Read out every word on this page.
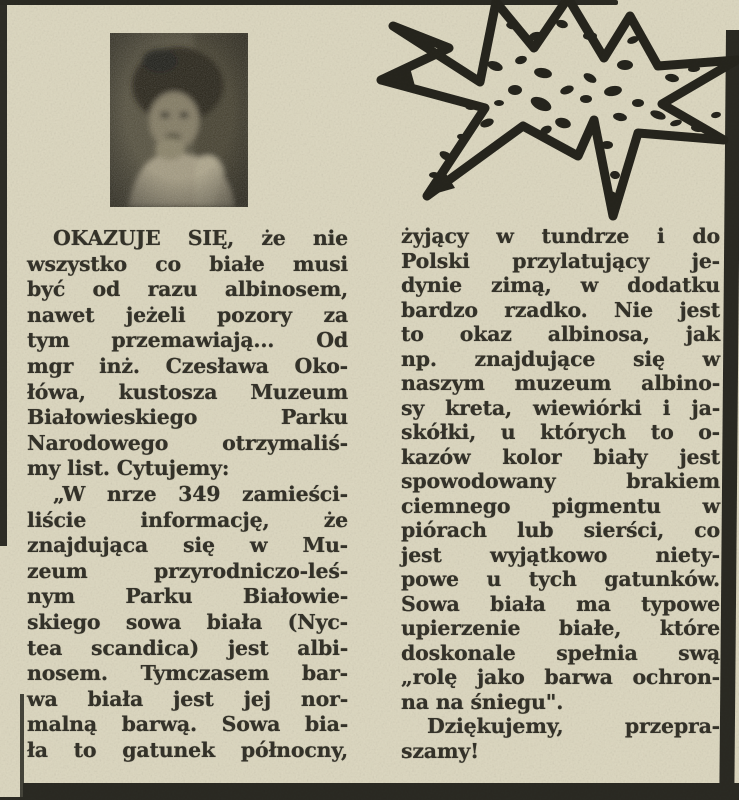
OKAZUJE SIĘ, że nie
wszystko co białe musi
być od razu albinosem,
nawet jeżeli pozory za
tym przemawiają... Od
mgr inż. Czesława Oko-
łówa, kustosza Muzeum
Białowieskiego Parku
Narodowego otrzymaliś-
my list. Cytujemy:
„W nrze 349 zamieści-
liście informację, że
znajdująca się w Mu-
zeum przyrodniczo-leś-
nym Parku Białowie-
skiego sowa biała (Nyc-
tea scandica) jest albi-
nosem. Tymczasem bar-
wa biała jest jej nor-
malną barwą. Sowa bia-
ła to gatunek północny,
żyjący w tundrze i do
Polski przylatujący je-
dynie zimą, w dodatku
bardzo rzadko. Nie jest
to okaz albinosa, jak
np. znajdujące się w
naszym muzeum albino-
sy kreta, wiewiórki i ja-
skółki, u których to o-
kazów kolor biały jest
spowodowany brakiem
ciemnego pigmentu w
piórach lub sierści, co
jest wyjątkowo niety-
powe u tych gatunków.
Sowa biała ma typowe
upierzenie białe, które
doskonale spełnia swą
„rolę jako barwa ochron-
na na śniegu".
Dziękujemy, przepra-
szamy!
